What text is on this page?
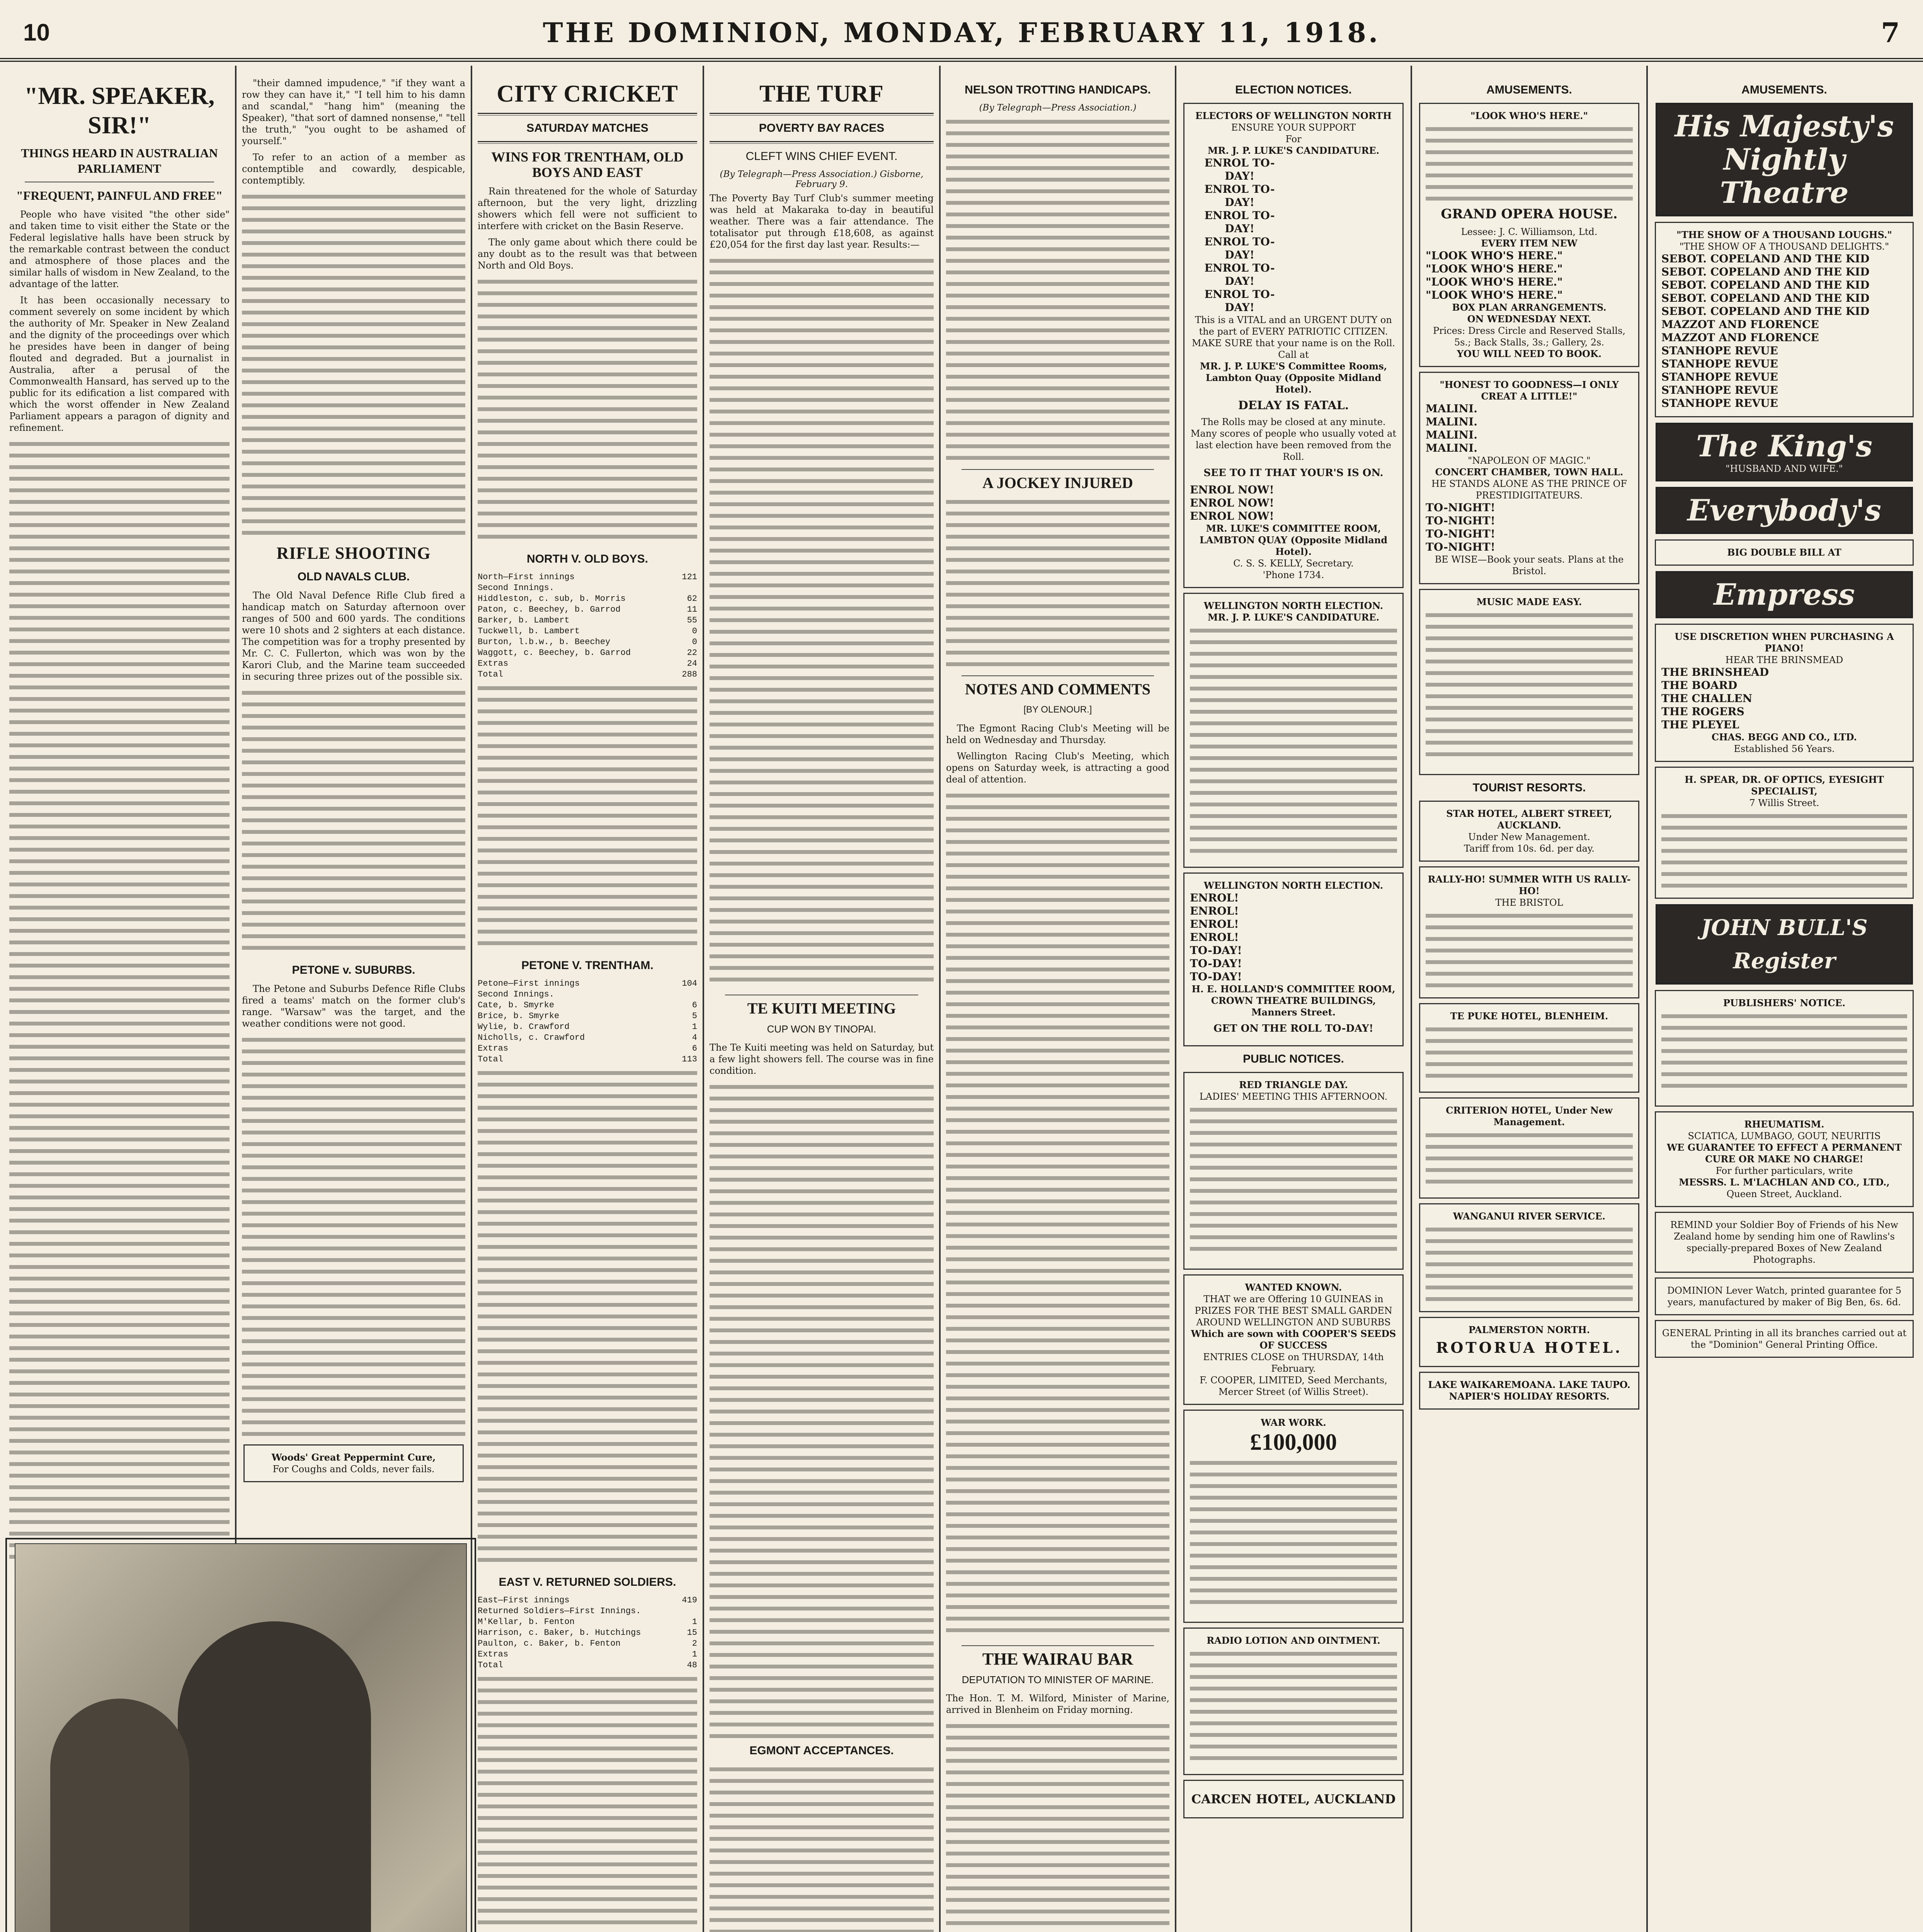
10	THE DOMINION, MONDAY, FEBRUARY 11, 1918.	7
"MR. SPEAKER, SIR!"
THINGS HEARD IN AUSTRALIAN PARLIAMENT
"FREQUENT, PAINFUL AND FREE"

People who have visited "the other side" and taken time to visit either the State or the Federal legislative halls have been struck by the remarkable contrast between the conduct and atmosphere of those places and the similar halls of wisdom in New Zealand, to the advantage of the latter.

It has been occasionally necessary to comment severely on some incident by which the authority of Mr. Speaker in New Zealand and the dignity of the proceedings over which he presides have been in danger of being flouted and degraded. But a journalist in Australia, after a perusal of the Commonwealth Hansard, has served up to the public for its edification a list compared with which the worst offender in New Zealand Parliament appears a paragon of dignity and refinement.

"their damned impudence," "if they want a row they can have it," "I tell him to his damn and scandal," "hang him" (meaning the Speaker), "that sort of damned nonsense," "tell the truth," "you ought to be ashamed of yourself."

To refer to an action of a member as contemptible and cowardly, despicable, contemptibly.

RIFLE SHOOTING
OLD NAVALS CLUB.

The Old Naval Defence Rifle Club fired a handicap match on Saturday afternoon over ranges of 500 and 600 yards. The conditions were 10 shots and 2 sighters at each distance. The competition was for a trophy presented by Mr. C. C. Fullerton, which was won by the Karori Club, and the Marine team succeeded in securing three prizes out of the possible six.

PETONE v. SUBURBS.

The Petone and Suburbs Defence Rifle Clubs fired a teams' match on the former club's range. "Warsaw" was the target, and the weather conditions were not good.

Woods' Great Peppermint Cure,
For Coughs and Colds, never fails.
CITY CRICKET
SATURDAY MATCHES
WINS FOR TRENTHAM, OLD BOYS AND EAST

Rain threatened for the whole of Saturday afternoon, but the very light, drizzling showers which fell were not sufficient to interfere with cricket on the Basin Reserve.

The only game about which there could be any doubt as to the result was that between North and Old Boys.

NORTH V. OLD BOYS.
North—First innings	121
Second Innings.
Hiddleston, c. sub, b. Morris	62
Paton, c. Beechey, b. Garrod	11
Barker, b. Lambert	55
Tuckwell, b. Lambert	0
Burton, l.b.w., b. Beechey	0
Waggott, c. Beechey, b. Garrod	22
Extras	24
Total	288
PETONE V. TRENTHAM.
Petone—First innings	104
Second Innings.
Cate, b. Smyrke	6
Brice, b. Smyrke	5
Wylie, b. Crawford	1
Nicholls, c. Crawford	4
Extras	6
Total	113
EAST V. RETURNED SOLDIERS.
East—First innings	419
Returned Soldiers—First Innings.
M'Kellar, b. Fenton	1
Harrison, c. Baker, b. Hutchings	15
Paulton, c. Baker, b. Fenton	2
Extras	1
Total	48

THE TURF
POVERTY BAY RACES
CLEFT WINS CHIEF EVENT.
(By Telegraph—Press Association.) Gisborne, February 9.

The Poverty Bay Turf Club's summer meeting was held at Makaraka to-day in beautiful weather. There was a fair attendance. The totalisator put through £18,608, as against £20,054 for the first day last year. Results:—

TE KUITI MEETING
CUP WON BY TINOPAI.

The Te Kuiti meeting was held on Saturday, but a few light showers fell. The course was in fine condition.

EGMONT ACCEPTANCES.
NELSON TROTTING HANDICAPS.
(By Telegraph—Press Association.)
A JOCKEY INJURED
NOTES AND COMMENTS
[BY OLENOUR.]

The Egmont Racing Club's Meeting will be held on Wednesday and Thursday.

Wellington Racing Club's Meeting, which opens on Saturday week, is attracting a good deal of attention.

THE WAIRAU BAR
DEPUTATION TO MINISTER OF MARINE.

The Hon. T. M. Wilford, Minister of Marine, arrived in Blenheim on Friday morning.

ELECTION NOTICES.
ELECTORS OF WELLINGTON NORTH
ENSURE YOUR SUPPORT
For
MR. J. P. LUKE'S CANDIDATURE.
ENROL TO-DAY!
ENROL TO-DAY!
ENROL TO-DAY!
ENROL TO-DAY!
ENROL TO-DAY!
ENROL TO-DAY!
This is a VITAL and an URGENT DUTY on the part of EVERY PATRIOTIC CITIZEN. MAKE SURE that your name is on the Roll.
Call at
MR. J. P. LUKE'S Committee Rooms, Lambton Quay (Opposite Midland Hotel).
DELAY IS FATAL.
The Rolls may be closed at any minute. Many scores of people who usually voted at last election have been removed from the Roll.
SEE TO IT THAT YOUR'S IS ON.
ENROL NOW!
ENROL NOW!
ENROL NOW!
MR. LUKE'S COMMITTEE ROOM, LAMBTON QUAY (Opposite Midland Hotel).
C. S. S. KELLY, Secretary.
'Phone 1734.
WELLINGTON NORTH ELECTION.
MR. J. P. LUKE'S CANDIDATURE.
WELLINGTON NORTH ELECTION.
ENROL!
ENROL!
ENROL!
ENROL!
TO-DAY!
TO-DAY!
TO-DAY!
H. E. HOLLAND'S COMMITTEE ROOM, CROWN THEATRE BUILDINGS, Manners Street.
GET ON THE ROLL TO-DAY!
PUBLIC NOTICES.
RED TRIANGLE DAY.
LADIES' MEETING THIS AFTERNOON.
WANTED KNOWN.
THAT we are Offering 10 GUINEAS in PRIZES FOR THE BEST SMALL GARDEN AROUND WELLINGTON AND SUBURBS
Which are sown with COOPER'S SEEDS OF SUCCESS
ENTRIES CLOSE on THURSDAY, 14th February.
F. COOPER, LIMITED, Seed Merchants, Mercer Street (of Willis Street).
WAR WORK.
£100,000
RADIO LOTION AND OINTMENT.
CARCEN HOTEL, AUCKLAND
AMUSEMENTS.
"LOOK WHO'S HERE."
GRAND OPERA HOUSE.
Lessee: J. C. Williamson, Ltd.
EVERY ITEM NEW
"LOOK WHO'S HERE."
"LOOK WHO'S HERE."
"LOOK WHO'S HERE."
"LOOK WHO'S HERE."
BOX PLAN ARRANGEMENTS.
ON WEDNESDAY NEXT.
Prices: Dress Circle and Reserved Stalls, 5s.; Back Stalls, 3s.; Gallery, 2s.
YOU WILL NEED TO BOOK.
"HONEST TO GOODNESS—I ONLY CREAT A LITTLE!"
MALINI.
MALINI.
MALINI.
MALINI.
"NAPOLEON OF MAGIC."
CONCERT CHAMBER, TOWN HALL.
HE STANDS ALONE AS THE PRINCE OF PRESTIDIGITATEURS.
TO-NIGHT!
TO-NIGHT!
TO-NIGHT!
TO-NIGHT!
BE WISE—Book your seats. Plans at the Bristol.
MUSIC MADE EASY.
TOURIST RESORTS.
STAR HOTEL, ALBERT STREET, AUCKLAND.
Under New Management.
Tariff from 10s. 6d. per day.
RALLY-HO! SUMMER WITH US RALLY-HO!
THE BRISTOL
TE PUKE HOTEL, BLENHEIM.
CRITERION HOTEL, Under New Management.
WANGANUI RIVER SERVICE.
PALMERSTON NORTH.
ROTORUA HOTEL.
LAKE WAIKAREMOANA. LAKE TAUPO.
NAPIER'S HOLIDAY RESORTS.
AMUSEMENTS.
His Majesty's Nightly Theatre
"THE SHOW OF A THOUSAND LOUGHS."
"THE SHOW OF A THOUSAND DELIGHTS."
SEBOT. COPELAND AND THE KID
SEBOT. COPELAND AND THE KID
SEBOT. COPELAND AND THE KID
SEBOT. COPELAND AND THE KID
SEBOT. COPELAND AND THE KID
MAZZOT AND FLORENCE
MAZZOT AND FLORENCE
STANHOPE REVUE
STANHOPE REVUE
STANHOPE REVUE
STANHOPE REVUE
STANHOPE REVUE
The King's
"HUSBAND AND WIFE."
Everybody's
BIG DOUBLE BILL AT
Empress
USE DISCRETION WHEN PURCHASING A PIANO!
HEAR THE BRINSMEAD
THE BRINSHEAD
THE BOARD
THE CHALLEN
THE ROGERS
THE PLEYEL
CHAS. BEGG AND CO., LTD.
Established 56 Years.
H. SPEAR, DR. OF OPTICS, EYESIGHT SPECIALIST,
7 Willis Street.
JOHN BULL'S Register
PUBLISHERS' NOTICE.
RHEUMATISM.
SCIATICA, LUMBAGO, GOUT, NEURITIS
WE GUARANTEE TO EFFECT A PERMANENT CURE OR MAKE NO CHARGE!
For further particulars, write
MESSRS. L. M'LACHLAN AND CO., LTD.,
Queen Street, Auckland.
REMIND your Soldier Boy of Friends of his New Zealand home by sending him one of Rawlins's specially-prepared Boxes of New Zealand Photographs.
DOMINION Lever Watch, printed guarantee for 5 years, manufactured by maker of Big Ben, 6s. 6d.
GENERAL Printing in all its branches carried out at the "Dominion" General Printing Office.
